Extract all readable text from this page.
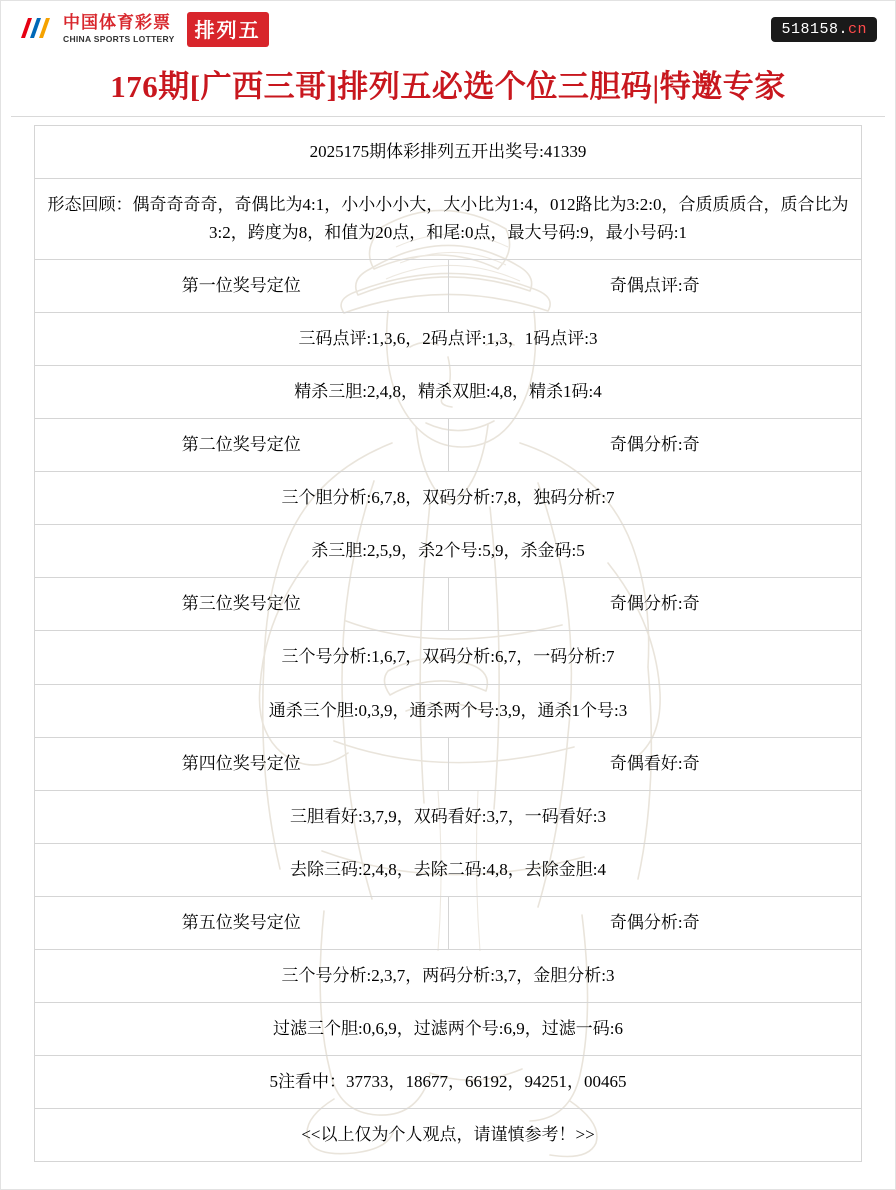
中国体育彩票
CHINA SPORTS LOTTERY	排列五	518158.cn
176期[广西三哥]排列五必选个位三胆码|特邀专家
2025175期体彩排列五开出奖号:41339	
形态回顾：偶奇奇奇奇，奇偶比为4:1，小小小小大，大小比为1:4，012路比为3:2:0，合质质质合，质合比为3:2，跨度为8，和值为20点，和尾:0点，最大号码:9，最小号码:1	
第一位奖号定位	奇偶点评:奇
三码点评:1,3,6，2码点评:1,3，1码点评:3	
精杀三胆:2,4,8，精杀双胆:4,8，精杀1码:4	
第二位奖号定位	奇偶分析:奇
三个胆分析:6,7,8，双码分析:7,8，独码分析:7	
杀三胆:2,5,9，杀2个号:5,9，杀金码:5	
第三位奖号定位	奇偶分析:奇
三个号分析:1,6,7，双码分析:6,7，一码分析:7	
通杀三个胆:0,3,9，通杀两个号:3,9，通杀1个号:3	
第四位奖号定位	奇偶看好:奇
三胆看好:3,7,9，双码看好:3,7，一码看好:3	
去除三码:2,4,8，去除二码:4,8，去除金胆:4	
第五位奖号定位	奇偶分析:奇
三个号分析:2,3,7，两码分析:3,7，金胆分析:3	
过滤三个胆:0,6,9，过滤两个号:6,9，过滤一码:6	
5注看中：37733，18677，66192，94251，00465	
<<以上仅为个人观点，请谨慎参考！>>	
